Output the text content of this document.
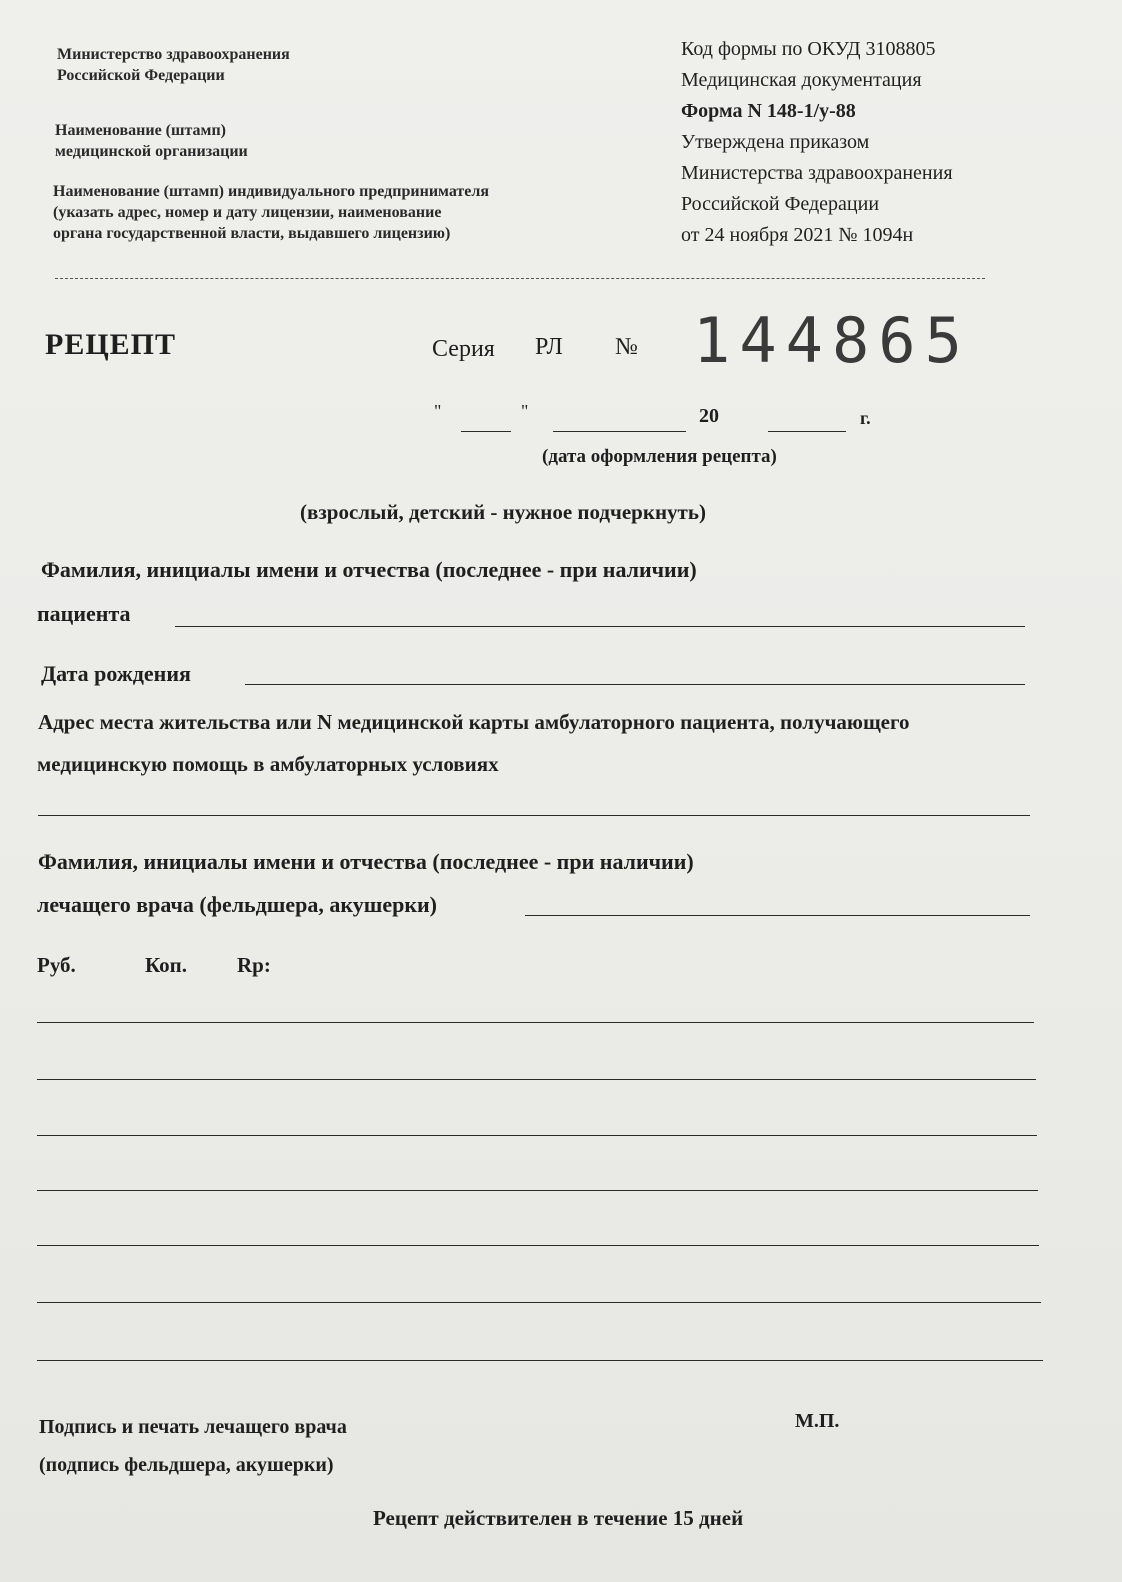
Министерство здравоохранения
Российской Федерации
Наименование (штамп)
медицинской организации
Наименование (штамп) индивидуального предпринимателя
(указать адрес, номер и дату лицензии, наименование
органа государственной власти, выдавшего лицензию)
Код формы по ОКУД 3108805
Медицинская документация
Форма N 148-1/у-88
Утверждена приказом
Министерства здравоохранения
Российской Федерации
от 24 ноября 2021 № 1094н
РЕЦЕПТ	Серия РЛ № 144865
"	"	20	г.
(дата оформления рецепта)
(взрослый, детский - нужное подчеркнуть)
Фамилия, инициалы имени и отчества (последнее - при наличии)
пациента
Дата рождения
Адрес места жительства или N медицинской карты амбулаторного пациента, получающего
медицинскую помощь в амбулаторных условиях
Фамилия, инициалы имени и отчества (последнее - при наличии)
лечащего врача (фельдшера, акушерки)
Руб.	Коп. Rp:
Подпись и печать лечащего врача
(подпись фельдшера, акушерки)
М.П.
Рецепт действителен в течение 15 дней
